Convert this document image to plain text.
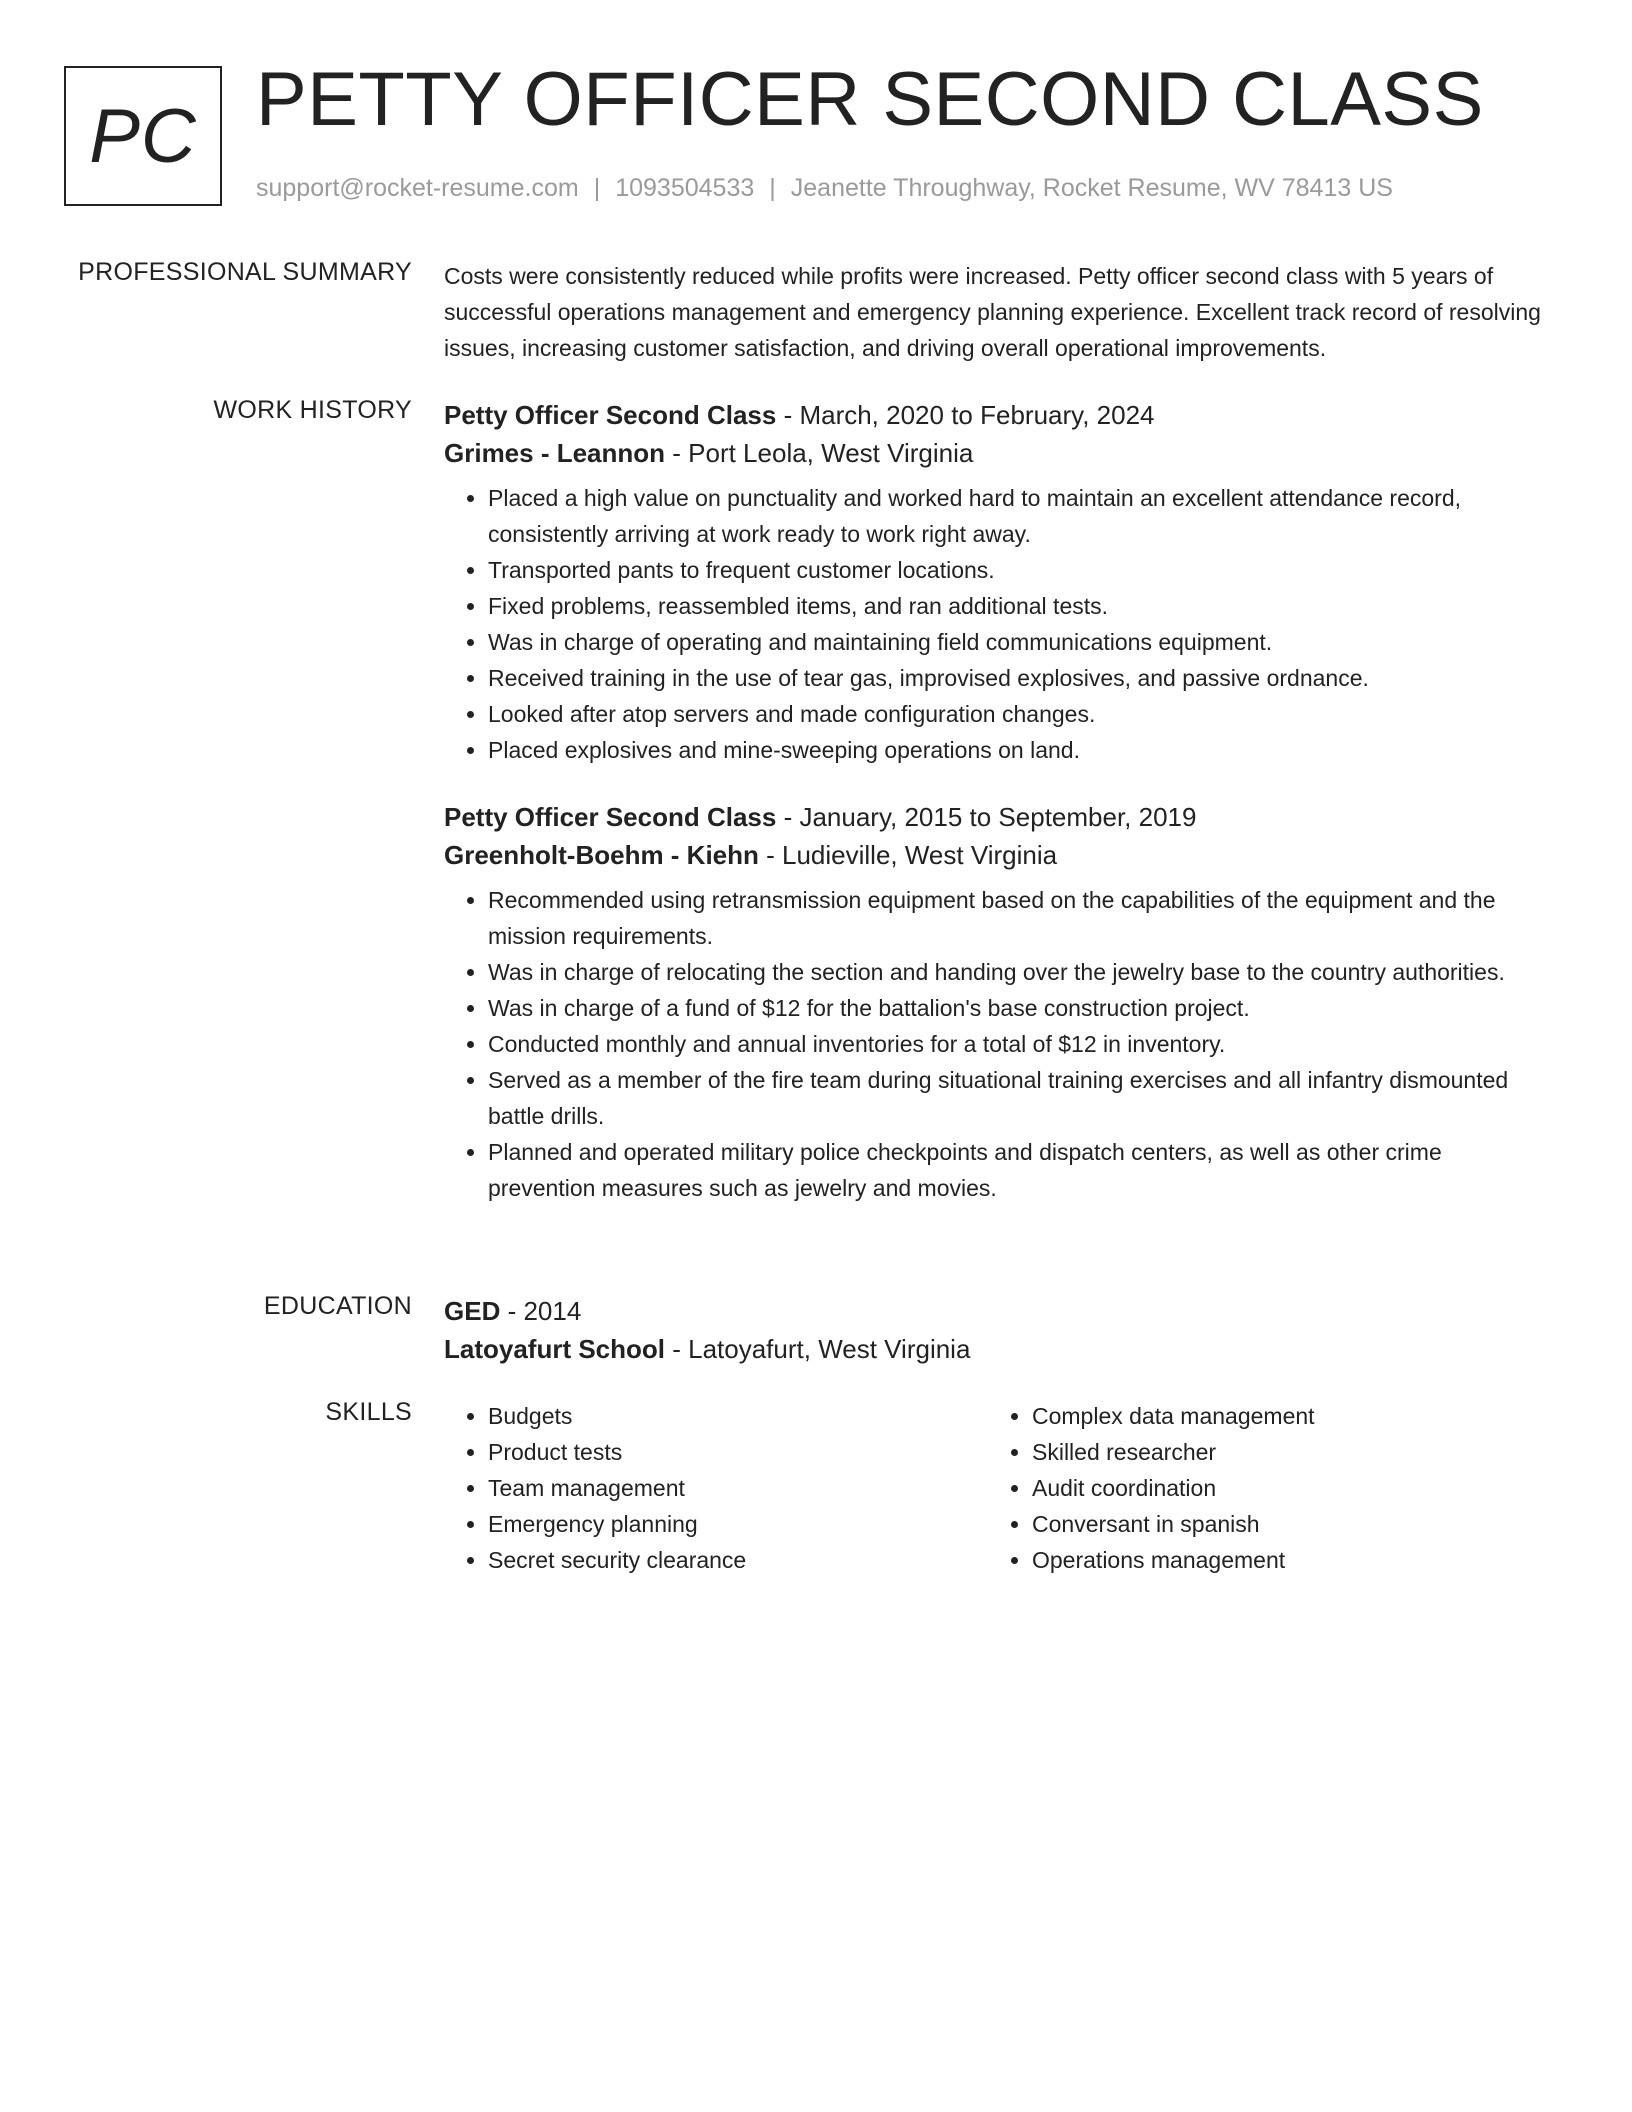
PC PETTY OFFICER SECOND CLASS
support@rocket-resume.com | 1093504533 | Jeanette Throughway, Rocket Resume, WV 78413 US
PROFESSIONAL SUMMARY Costs were consistently reduced while profits were increased. Petty officer second class with 5 years of successful operations management and emergency planning experience. Excellent track record of resolving issues, increasing customer satisfaction, and driving overall operational improvements.

WORK HISTORY Petty Officer Second Class - March, 2020 to February, 2024

Grimes - Leannon - Port Leola, West Virginia

• Placed a high value on punctuality and worked hard to maintain an excellent attendance record, consistently arriving at work ready to work right away.
• Transported pants to frequent customer locations.
• Fixed problems, reassembled items, and ran additional tests.
• Was in charge of operating and maintaining field communications equipment.
• Received training in the use of tear gas, improvised explosives, and passive ordnance.
• Looked after atop servers and made configuration changes.
• Placed explosives and mine-sweeping operations on land.

Petty Officer Second Class - January, 2015 to September, 2019

Greenholt-Boehm - Kiehn - Ludieville, West Virginia

• Recommended using retransmission equipment based on the capabilities of the equipment and the mission requirements.
• Was in charge of relocating the section and handing over the jewelry base to the country authorities.
• Was in charge of a fund of $12 for the battalion's base construction project.
• Conducted monthly and annual inventories for a total of $12 in inventory.
• Served as a member of the fire team during situational training exercises and all infantry dismounted battle drills.
• Planned and operated military police checkpoints and dispatch centers, as well as other crime prevention measures such as jewelry and movies.
EDUCATION GED - 2014

Latoyafurt School - Latoyafurt, West Virginia

SKILLS
•	Budgets
• Product tests
• Team management
• Emergency planning
• Secret security clearance
• Complex data management
• Skilled researcher
• Audit coordination
• Conversant in spanish
• Operations management
